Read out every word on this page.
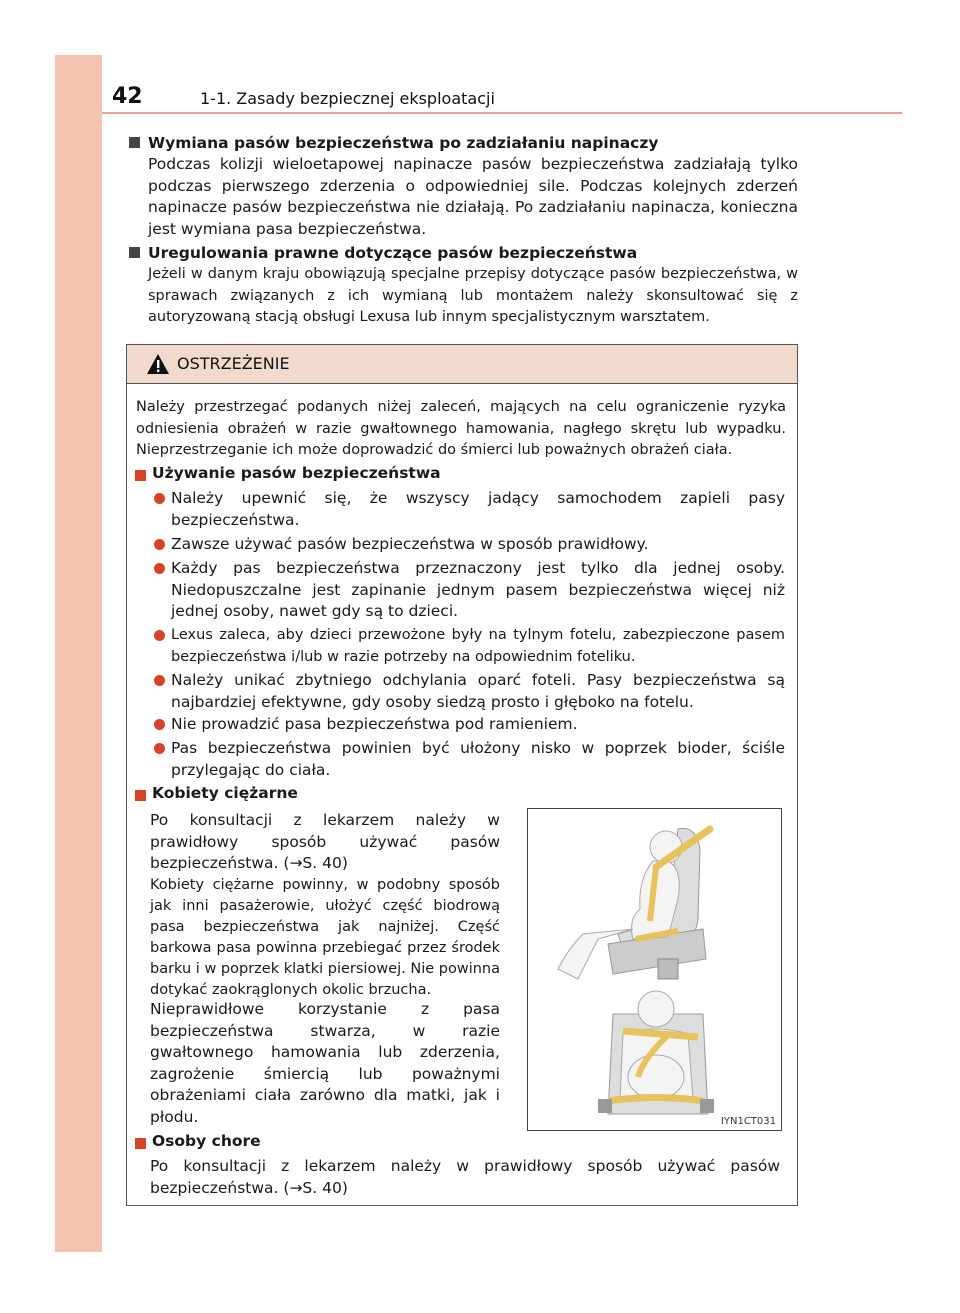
42	1-1. Zasady bezpiecznej eksploatacji
Wymiana pasów bezpieczeństwa po zadziałaniu napinaczy
Podczas kolizji wieloetapowej napinacze pasów bezpieczeństwa zadziałają tylko podczas pierwszego zderzenia o odpowiedniej sile. Podczas kolejnych zderzeń napinacze pasów bezpieczeństwa nie działają. Po zadziałaniu napinacza, konieczna jest wymiana pasa bezpieczeństwa.
Uregulowania prawne dotyczące pasów bezpieczeństwa
Jeżeli w danym kraju obowiązują specjalne przepisy dotyczące pasów bezpieczeństwa, w sprawach związanych z ich wymianą lub montażem należy skonsultować się z autoryzowaną stacją obsługi Lexusa lub innym specjalistycznym warsztatem.
OSTRZEŻENIE
Należy przestrzegać podanych niżej zaleceń, mających na celu ograniczenie ryzyka odniesienia obrażeń w razie gwałtownego hamowania, nagłego skrętu lub wypadku. Nieprzestrzeganie ich może doprowadzić do śmierci lub poważnych obrażeń ciała.
Używanie pasów bezpieczeństwa
Należy upewnić się, że wszyscy jadący samochodem zapieli pasy bezpieczeństwa.
Zawsze używać pasów bezpieczeństwa w sposób prawidłowy.
Każdy pas bezpieczeństwa przeznaczony jest tylko dla jednej osoby. Niedopuszczalne jest zapinanie jednym pasem bezpieczeństwa więcej niż jednej osoby, nawet gdy są to dzieci.
Lexus zaleca, aby dzieci przewożone były na tylnym fotelu, zabezpieczone pasem bezpieczeństwa i/lub w razie potrzeby na odpowiednim foteliku.
Należy unikać zbytniego odchylania oparć foteli. Pasy bezpieczeństwa są najbardziej efektywne, gdy osoby siedzą prosto i głęboko na fotelu.
Nie prowadzić pasa bezpieczeństwa pod ramieniem.
Pas bezpieczeństwa powinien być ułożony nisko w poprzek bioder, ściśle przylegając do ciała.
Kobiety ciężarne
Po konsultacji z lekarzem należy w prawidłowy sposób używać pasów bezpieczeństwa. (→S. 40)
Kobiety ciężarne powinny, w podobny sposób jak inni pasażerowie, ułożyć część biodrową pasa bezpieczeństwa jak najniżej. Część barkowa pasa powinna przebiegać przez środek barku i w poprzek klatki piersiowej. Nie powinna dotykać zaokrąglonych okolic brzucha.
Nieprawidłowe korzystanie z pasa bezpieczeństwa stwarza, w razie gwałtownego hamowania lub zderzenia, zagrożenie śmiercią lub poważnymi obrażeniami ciała zarówno dla matki, jak i płodu.
Osoby chore
Po konsultacji z lekarzem należy w prawidłowy sposób używać pasów bezpieczeństwa. (→S. 40)
IYN1CT031
